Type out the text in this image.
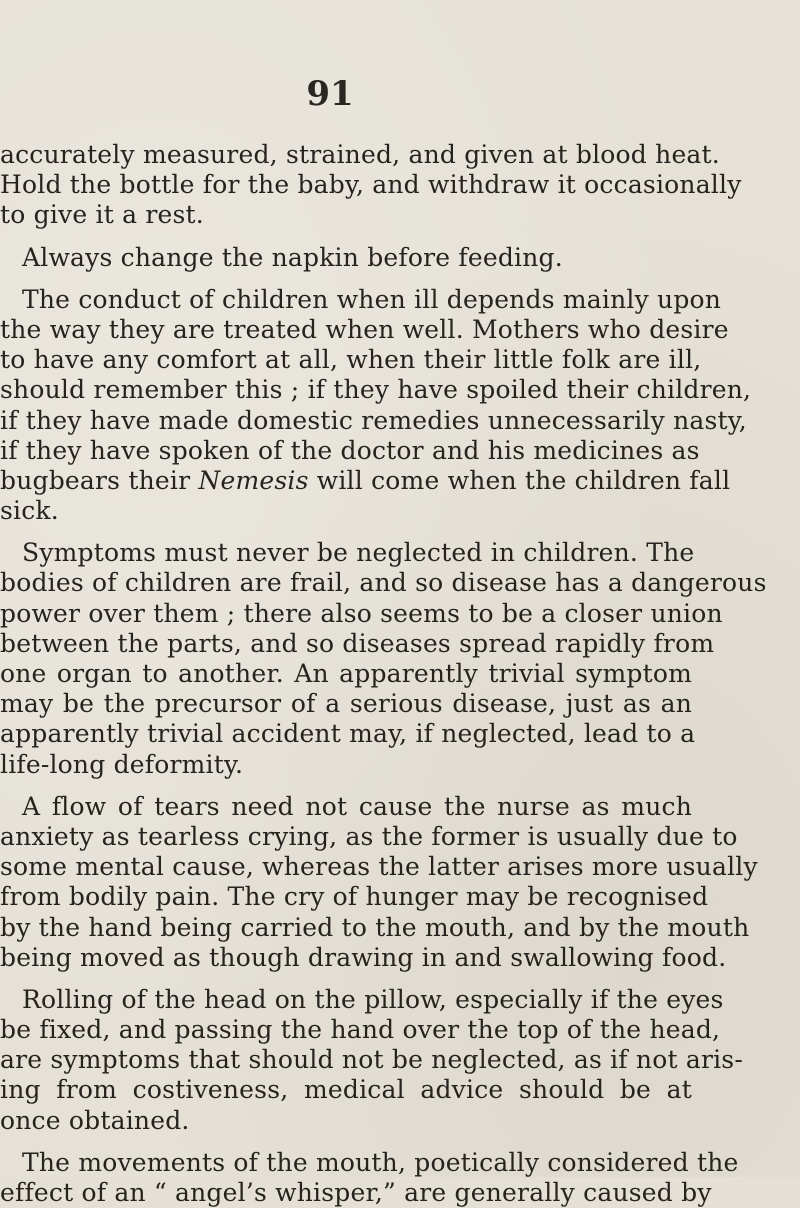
91
accurately measured, strained, and given at blood heat.
Hold the bottle for the baby, and withdraw it occasionally
to give it a rest.
Always change the napkin before feeding.
The conduct of children when ill depends mainly upon
the way they are treated when well. Mothers who desire
to have any comfort at all, when their little folk are ill,
should remember this ; if they have spoiled their children,
if they have made domestic remedies unnecessarily nasty,
if they have spoken of the doctor and his medicines as
bugbears their Nemesis will come when the children fall
sick.
Symptoms must never be neglected in children. The
bodies of children are frail, and so disease has a dangerous
power over them ; there also seems to be a closer union
between the parts, and so diseases spread rapidly from
one organ to another. An apparently trivial symptom
may be the precursor of a serious disease, just as an
apparently trivial accident may, if neglected, lead to a
life-long deformity.
A flow of tears need not cause the nurse as much
anxiety as tearless crying, as the former is usually due to
some mental cause, whereas the latter arises more usually
from bodily pain. The cry of hunger may be recognised
by the hand being carried to the mouth, and by the mouth
being moved as though drawing in and swallowing food.
Rolling of the head on the pillow, especially if the eyes
be fixed, and passing the hand over the top of the head,
are symptoms that should not be neglected, as if not aris-
ing from costiveness, medical advice should be at
once obtained.
The movements of the mouth, poetically considered the
effect of an “ angel’s whisper,” are generally caused by
